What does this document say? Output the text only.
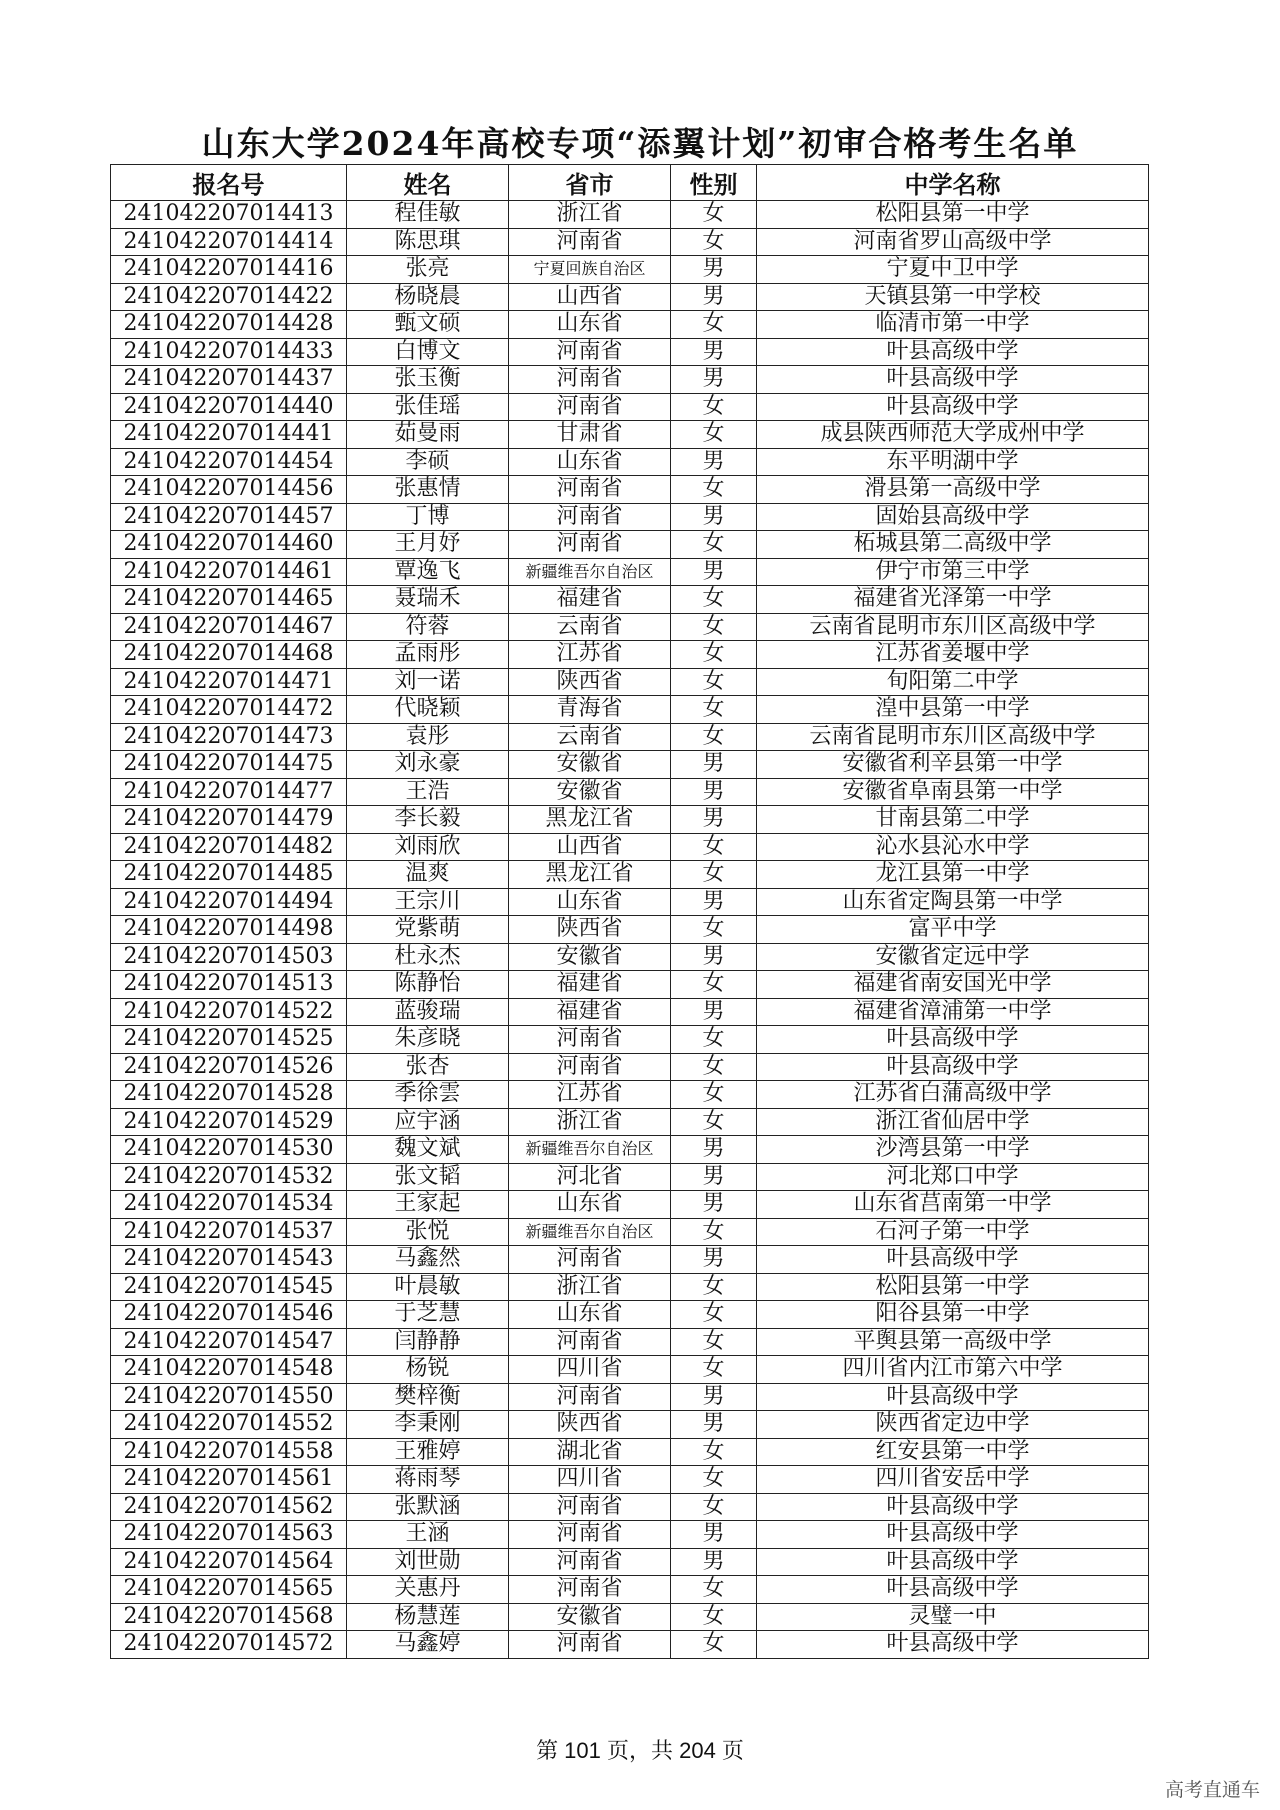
山东大学2024年高校专项“添翼计划”初审合格考生名单
报名号	姓名	省市	性别	中学名称
241042207014413	程佳敏	浙江省	女	松阳县第一中学
241042207014414	陈思琪	河南省	女	河南省罗山高级中学
241042207014416	张亮	宁夏回族自治区	男	宁夏中卫中学
241042207014422	杨晓晨	山西省	男	天镇县第一中学校
241042207014428	甄文硕	山东省	女	临清市第一中学
241042207014433	白博文	河南省	男	叶县高级中学
241042207014437	张玉衡	河南省	男	叶县高级中学
241042207014440	张佳瑶	河南省	女	叶县高级中学
241042207014441	茹曼雨	甘肃省	女	成县陕西师范大学成州中学
241042207014454	李硕	山东省	男	东平明湖中学
241042207014456	张惠情	河南省	女	滑县第一高级中学
241042207014457	丁博	河南省	男	固始县高级中学
241042207014460	王月妤	河南省	女	柘城县第二高级中学
241042207014461	覃逸飞	新疆维吾尔自治区	男	伊宁市第三中学
241042207014465	聂瑞禾	福建省	女	福建省光泽第一中学
241042207014467	符蓉	云南省	女	云南省昆明市东川区高级中学
241042207014468	孟雨彤	江苏省	女	江苏省姜堰中学
241042207014471	刘一诺	陕西省	女	旬阳第二中学
241042207014472	代晓颖	青海省	女	湟中县第一中学
241042207014473	袁彤	云南省	女	云南省昆明市东川区高级中学
241042207014475	刘永豪	安徽省	男	安徽省利辛县第一中学
241042207014477	王浩	安徽省	男	安徽省阜南县第一中学
241042207014479	李长毅	黑龙江省	男	甘南县第二中学
241042207014482	刘雨欣	山西省	女	沁水县沁水中学
241042207014485	温爽	黑龙江省	女	龙江县第一中学
241042207014494	王宗川	山东省	男	山东省定陶县第一中学
241042207014498	党紫萌	陕西省	女	富平中学
241042207014503	杜永杰	安徽省	男	安徽省定远中学
241042207014513	陈静怡	福建省	女	福建省南安国光中学
241042207014522	蓝骏瑞	福建省	男	福建省漳浦第一中学
241042207014525	朱彦晓	河南省	女	叶县高级中学
241042207014526	张杏	河南省	女	叶县高级中学
241042207014528	季徐雲	江苏省	女	江苏省白蒲高级中学
241042207014529	应宇涵	浙江省	女	浙江省仙居中学
241042207014530	魏文斌	新疆维吾尔自治区	男	沙湾县第一中学
241042207014532	张文韬	河北省	男	河北郑口中学
241042207014534	王家起	山东省	男	山东省莒南第一中学
241042207014537	张悦	新疆维吾尔自治区	女	石河子第一中学
241042207014543	马鑫然	河南省	男	叶县高级中学
241042207014545	叶晨敏	浙江省	女	松阳县第一中学
241042207014546	于芝慧	山东省	女	阳谷县第一中学
241042207014547	闫静静	河南省	女	平舆县第一高级中学
241042207014548	杨锐	四川省	女	四川省内江市第六中学
241042207014550	樊梓衡	河南省	男	叶县高级中学
241042207014552	李秉刚	陕西省	男	陕西省定边中学
241042207014558	王雅婷	湖北省	女	红安县第一中学
241042207014561	蒋雨琴	四川省	女	四川省安岳中学
241042207014562	张默涵	河南省	女	叶县高级中学
241042207014563	王涵	河南省	男	叶县高级中学
241042207014564	刘世勋	河南省	男	叶县高级中学
241042207014565	关惠丹	河南省	女	叶县高级中学
241042207014568	杨慧莲	安徽省	女	灵璧一中
241042207014572	马鑫婷	河南省	女	叶县高级中学
第 101 页，共 204 页
高考直通车
